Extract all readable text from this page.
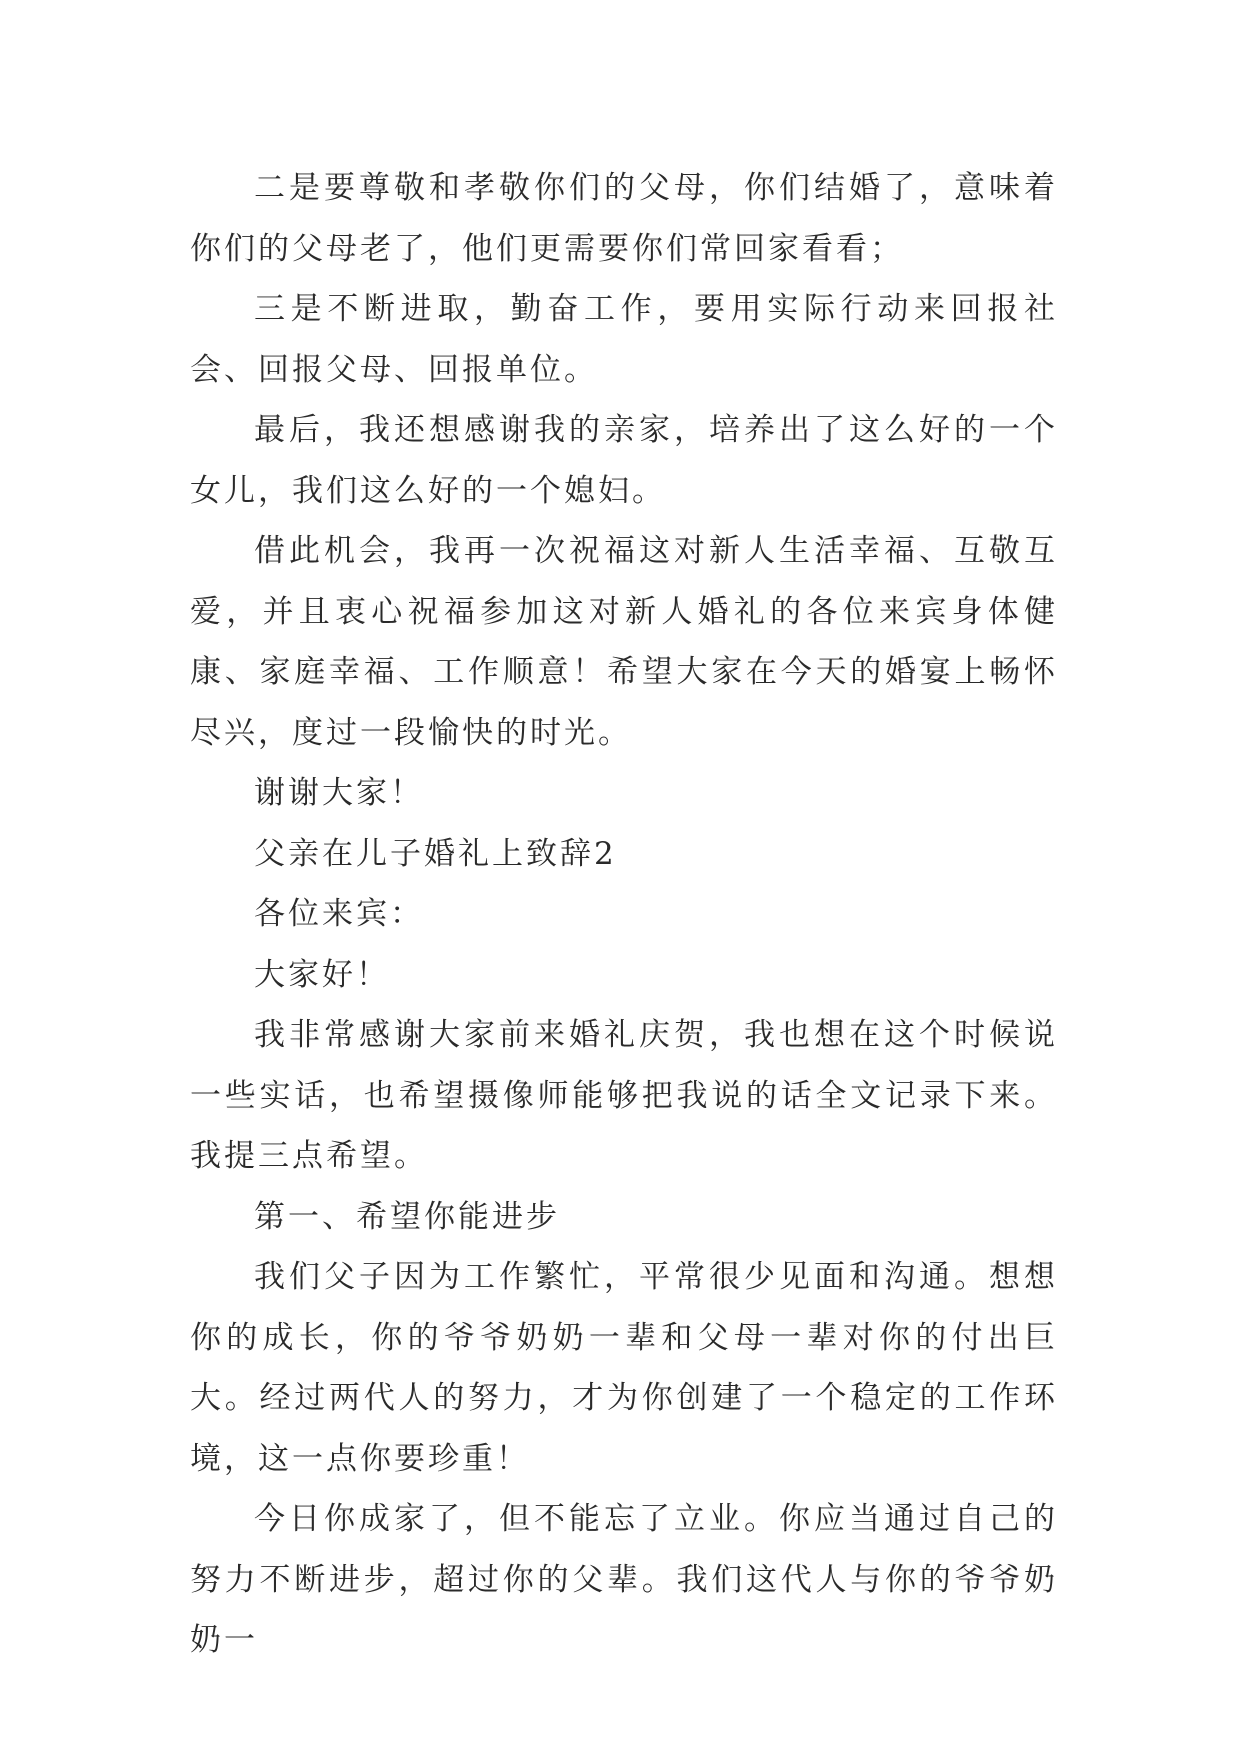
二是要尊敬和孝敬你们的父母，你们结婚了，意味着你们的父母老了，他们更需要你们常回家看看；

三是不断进取，勤奋工作，要用实际行动来回报社会、回报父母、回报单位。

最后，我还想感谢我的亲家，培养出了这么好的一个女儿，我们这么好的一个媳妇。

借此机会，我再一次祝福这对新人生活幸福、互敬互爱，并且衷心祝福参加这对新人婚礼的各位来宾身体健康、家庭幸福、工作顺意！希望大家在今天的婚宴上畅怀尽兴，度过一段愉快的时光。

谢谢大家！

父亲在儿子婚礼上致辞2

各位来宾：

大家好！

我非常感谢大家前来婚礼庆贺，我也想在这个时候说一些实话，也希望摄像师能够把我说的话全文记录下来。我提三点希望。

第一、希望你能进步

我们父子因为工作繁忙，平常很少见面和沟通。想想你的成长，你的爷爷奶奶一辈和父母一辈对你的付出巨大。经过两代人的努力，才为你创建了一个稳定的工作环境，这一点你要珍重！

今日你成家了，但不能忘了立业。你应当通过自己的努力不断进步，超过你的父辈。我们这代人与你的爷爷奶奶一
